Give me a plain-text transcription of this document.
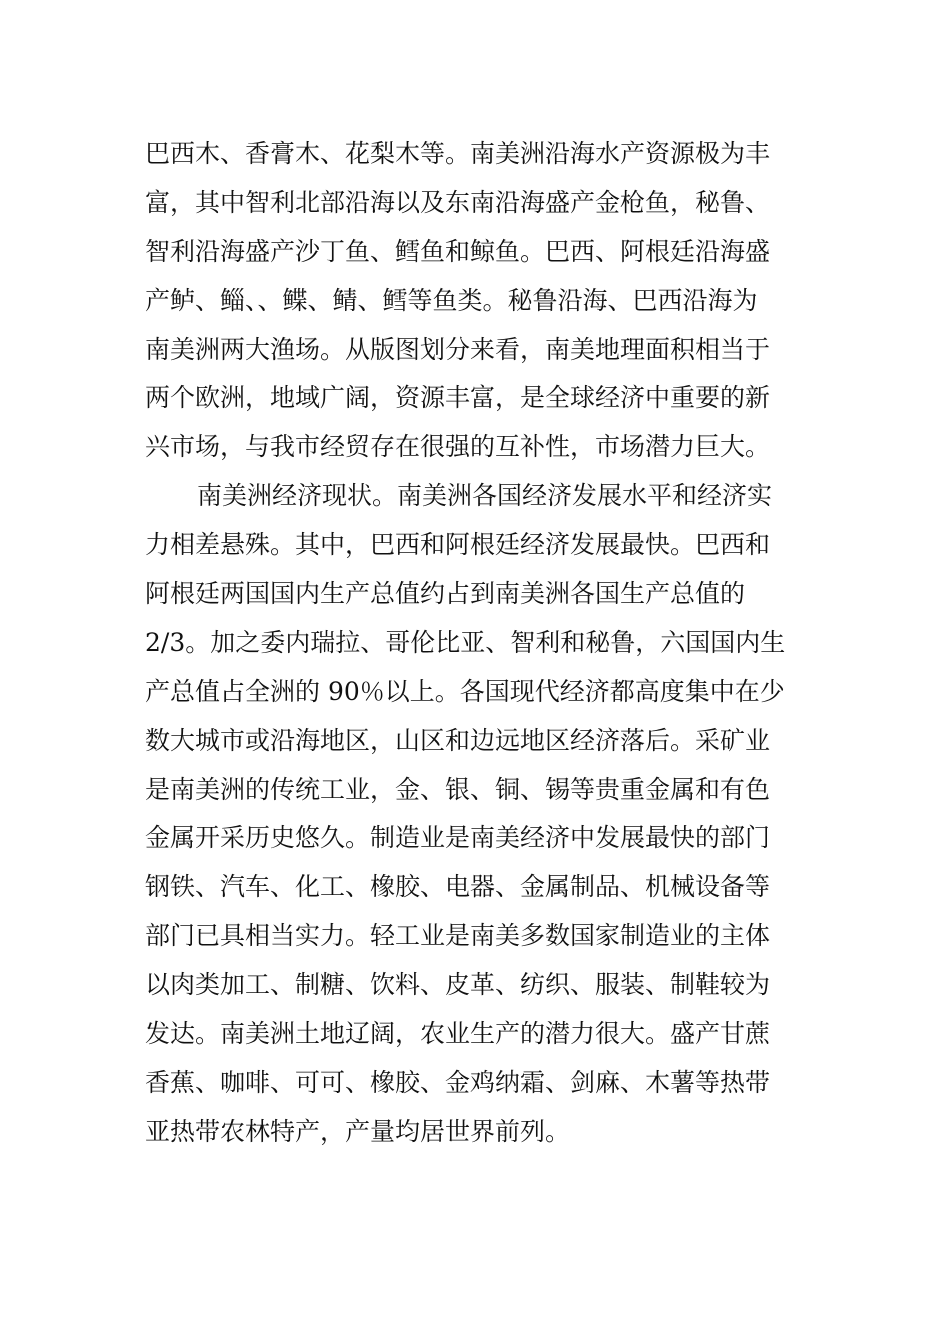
巴西木、香膏木、花梨木等。南美洲沿海水产资源极为丰
富，其中智利北部沿海以及东南沿海盛产金枪鱼，秘鲁、
智利沿海盛产沙丁鱼、鳕鱼和鲸鱼。巴西、阿根廷沿海盛
产鲈、鲻、、鲽、鲭、鳕等鱼类。秘鲁沿海、巴西沿海为
南美洲两大渔场。从版图划分来看，南美地理面积相当于
两个欧洲，地域广阔，资源丰富，是全球经济中重要的新
兴市场，与我市经贸存在很强的互补性，市场潜力巨大。
南美洲经济现状。南美洲各国经济发展水平和经济实
力相差悬殊。其中，巴西和阿根廷经济发展最快。巴西和
阿根廷两国国内生产总值约占到南美洲各国生产总值的
2/3。加之委内瑞拉、哥伦比亚、智利和秘鲁，六国国内生
产总值占全洲的 90％以上。各国现代经济都高度集中在少
数大城市或沿海地区，山区和边远地区经济落后。采矿业
是南美洲的传统工业，金、银、铜、锡等贵重金属和有色
金属开采历史悠久。制造业是南美经济中发展最快的部门
钢铁、汽车、化工、橡胶、电器、金属制品、机械设备等
部门已具相当实力。轻工业是南美多数国家制造业的主体
以肉类加工、制糖、饮料、皮革、纺织、服装、制鞋较为
发达。南美洲土地辽阔，农业生产的潜力很大。盛产甘蔗
香蕉、咖啡、可可、橡胶、金鸡纳霜、剑麻、木薯等热带
亚热带农林特产，产量均居世界前列。
